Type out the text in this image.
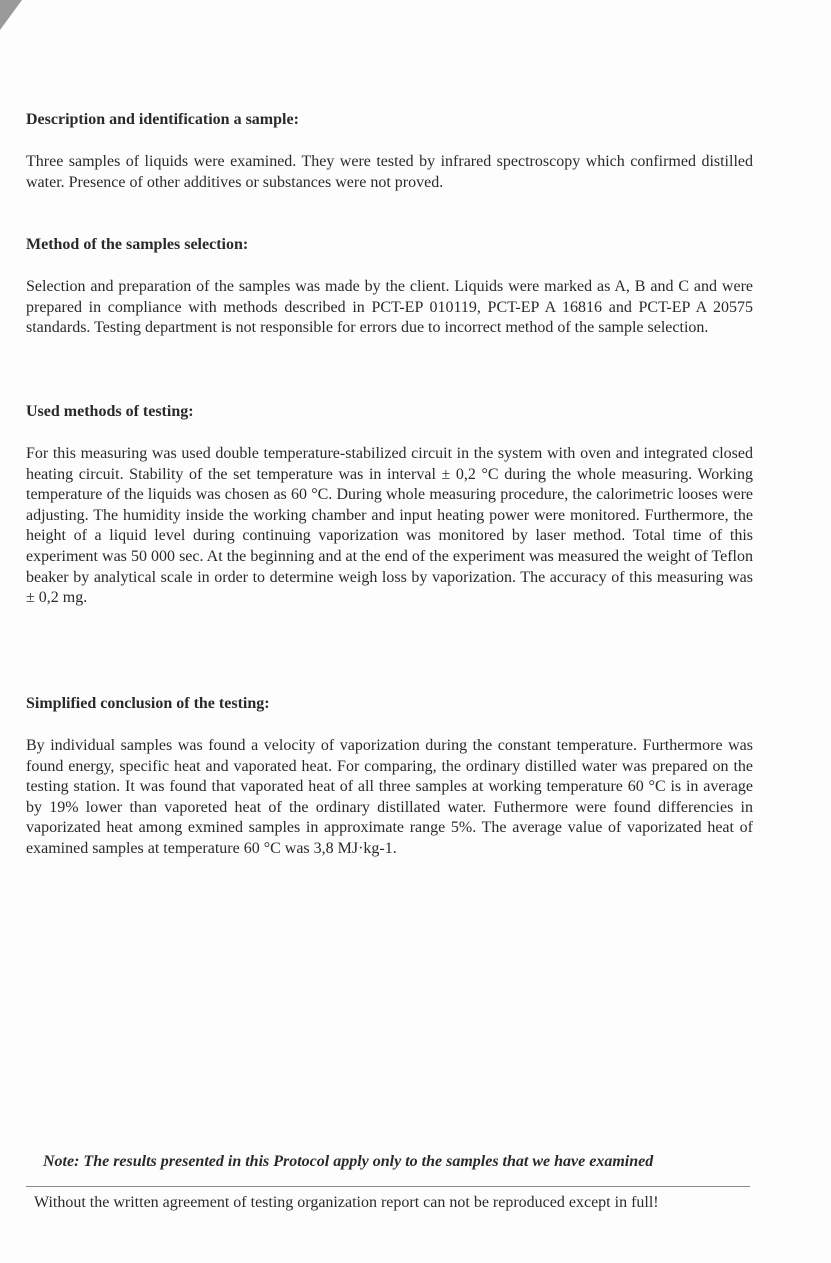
Description and identification a sample:

Three samples of liquids were examined. They were tested by infrared spectroscopy which confirmed distilled water. Presence of other additives or substances were not proved.

Method of the samples selection:

Selection and preparation of the samples was made by the client. Liquids were marked as A, B and C and were prepared in compliance with methods described in PCT-EP 010119, PCT-EP A 16816 and PCT-EP A 20575 standards. Testing department is not responsible for errors due to incorrect method of the sample selection.

Used methods of testing:

For this measuring was used double temperature-stabilized circuit in the system with oven and integrated closed heating circuit. Stability of the set temperature was in interval ± 0,2 °C during the whole measuring. Working temperature of the liquids was chosen as 60 °C. During whole measuring procedure, the calorimetric looses were adjusting. The humidity inside the working chamber and input heating power were monitored. Furthermore, the height of a liquid level during continuing vaporization was monitored by laser method. Total time of this experiment was 50 000 sec. At the beginning and at the end of the experiment was measured the weight of Teflon beaker by analytical scale in order to determine weigh loss by vaporization. The accuracy of this measuring was ± 0,2 mg.

Simplified conclusion of the testing:

By individual samples was found a velocity of vaporization during the constant temperature. Furthermore was found energy, specific heat and vaporated heat. For comparing, the ordinary distilled water was prepared on the testing station. It was found that vaporated heat of all three samples at working temperature 60 °C is in average by 19% lower than vaporeted heat of the ordinary distillated water. Futhermore were found differencies in vaporizated heat among exmined samples in approximate range 5%. The average value of vaporizated heat of examined samples at temperature 60 °C was 3,8 MJ·kg-1.

Note: The results presented in this Protocol apply only to the samples that we have examined
Without the written agreement of testing organization report can not be reproduced except in full!
